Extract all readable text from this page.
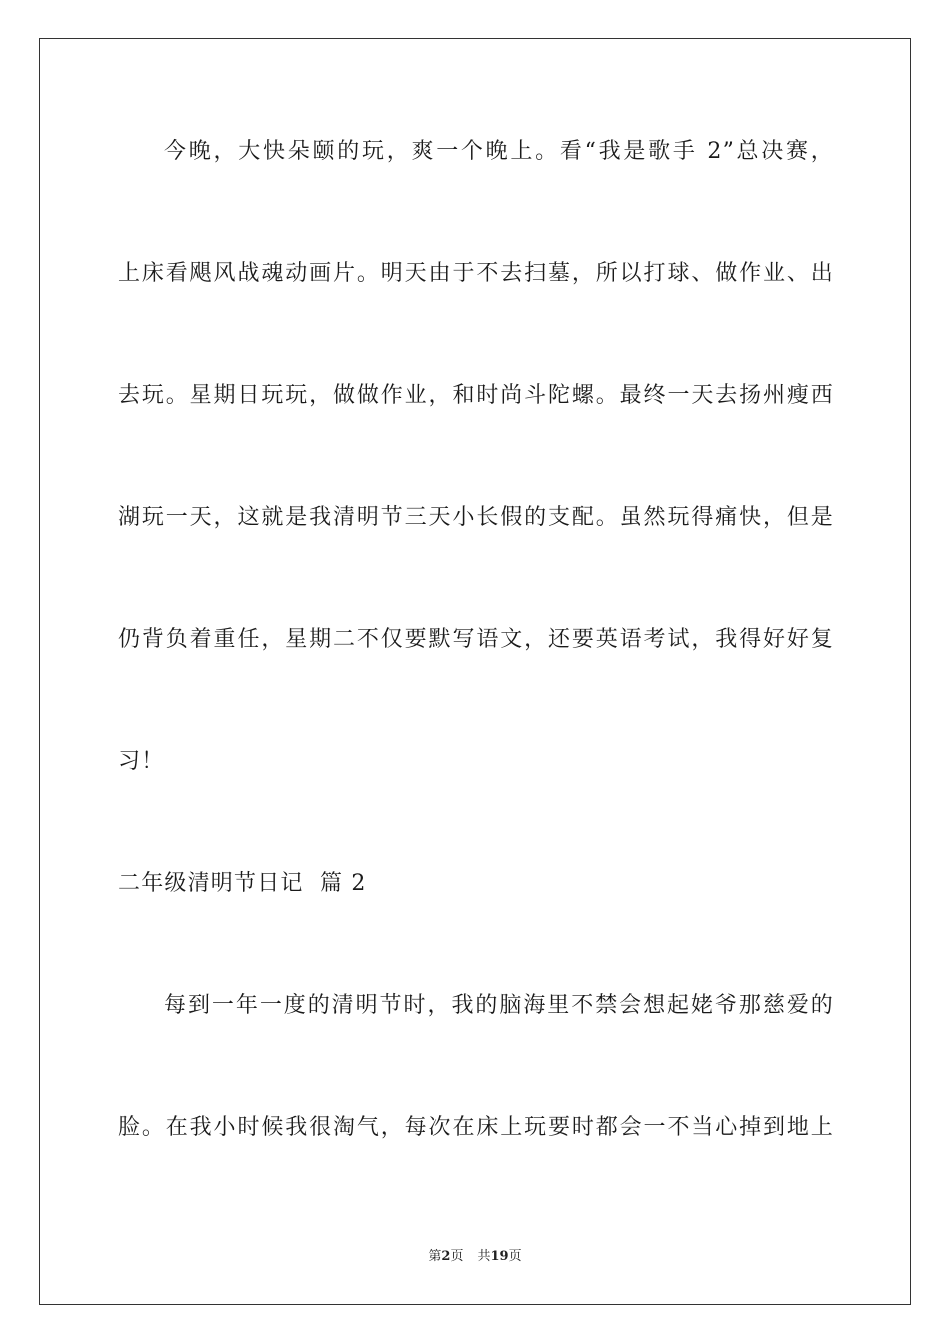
今晚，大快朵颐的玩，爽一个晚上。看“我是歌手 2”总决赛，
上床看飓风战魂动画片。明天由于不去扫墓，所以打球、做作业、出
去玩。星期日玩玩，做做作业，和时尚斗陀螺。最终一天去扬州瘦西
湖玩一天，这就是我清明节三天小长假的支配。虽然玩得痛快，但是
仍背负着重任，星期二不仅要默写语文，还要英语考试，我得好好复
习！
二年级清明节日记  篇 2
每到一年一度的清明节时，我的脑海里不禁会想起姥爷那慈爱的
脸。在我小时候我很淘气，每次在床上玩要时都会一不当心掉到地上
第2页 共19页
